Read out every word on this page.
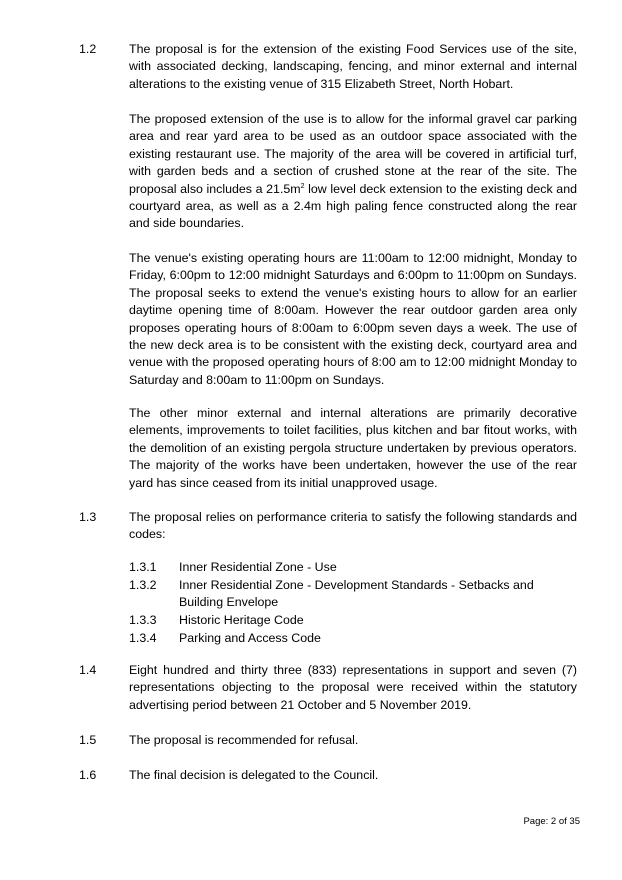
1.2	The proposal is for the extension of the existing Food Services use of the site, with associated decking, landscaping, fencing, and minor external and internal alterations to the existing venue of 315 Elizabeth Street, North Hobart.

The proposed extension of the use is to allow for the informal gravel car parking area and rear yard area to be used as an outdoor space associated with the existing restaurant use. The majority of the area will be covered in artificial turf, with garden beds and a section of crushed stone at the rear of the site. The proposal also includes a $21.5m^2$ low level deck extension to the existing deck and courtyard area, as well as a 2.4m high paling fence constructed along the rear and side boundaries.

The venue's existing operating hours are 11:00am to 12:00 midnight, Monday to Friday, 6:00pm to 12:00 midnight Saturdays and 6:00pm to 11:00pm on Sundays. The proposal seeks to extend the venue's existing hours to allow for an earlier daytime opening time of 8:00am. However the rear outdoor garden area only proposes operating hours of 8:00am to 6:00pm seven days a week. The use of the new deck area is to be consistent with the existing deck, courtyard area and venue with the proposed operating hours of 8:00 am to 12:00 midnight Monday to Saturday and 8:00am to 11:00pm on Sundays.

The other minor external and internal alterations are primarily decorative elements, improvements to toilet facilities, plus kitchen and bar fitout works, with the demolition of an existing pergola structure undertaken by previous operators. The majority of the works have been undertaken, however the use of the rear yard has since ceased from its initial unapproved usage.

1.3	The proposal relies on performance criteria to satisfy the following standards and codes:

1.3.1 Inner Residential Zone - Use
1.3.2 Inner Residential Zone - Development Standards - Setbacks and Building Envelope
1.3.3 Historic Heritage Code
1.3.4 Parking and Access Code
1.4	Eight hundred and thirty three (833) representations in support and seven (7) representations objecting to the proposal were received within the statutory advertising period between 21 October and 5 November 2019.

1.5	The proposal is recommended for refusal.

1.6	The final decision is delegated to the Council.

Page: 2 of 35
